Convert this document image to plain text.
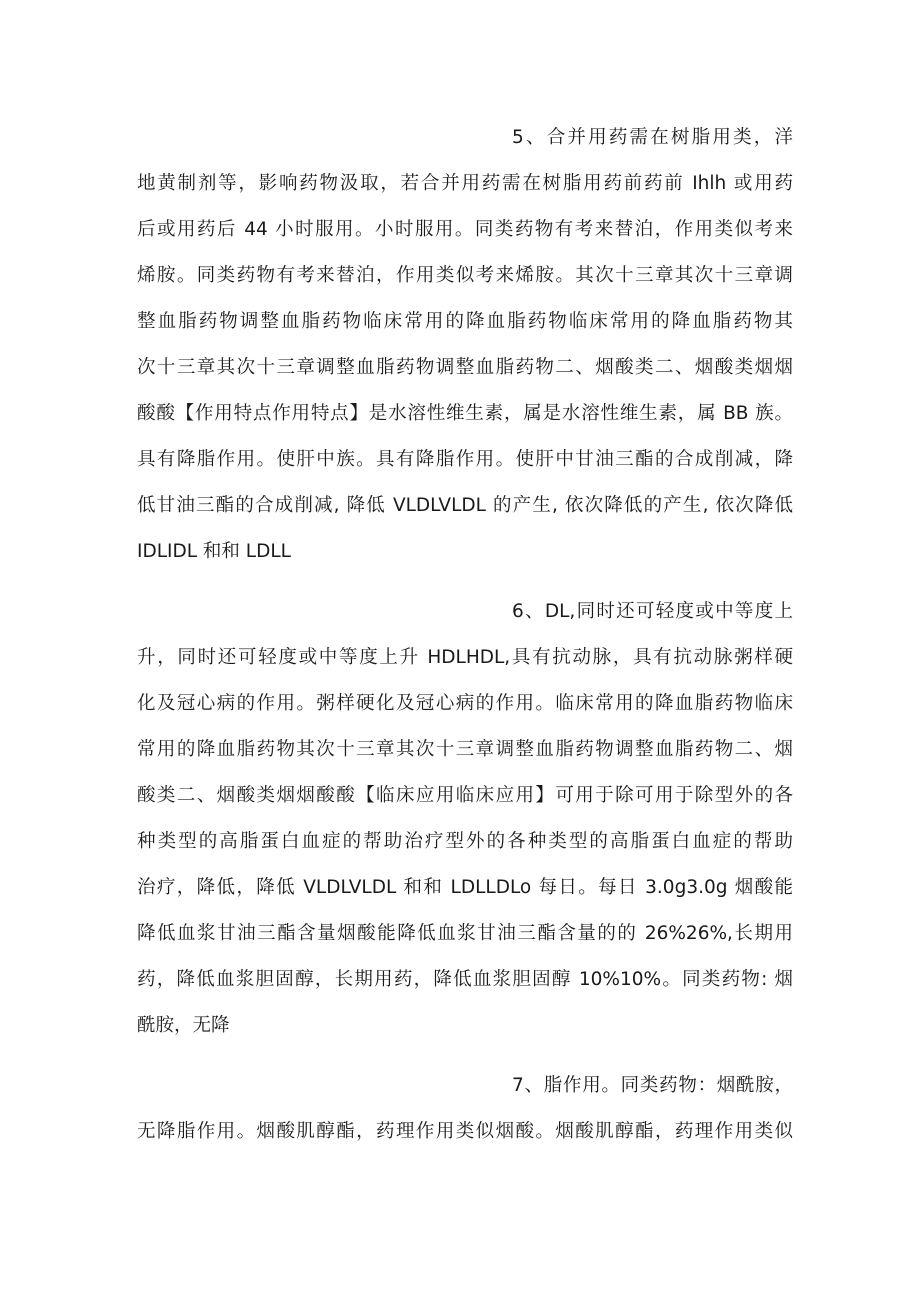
5、合并用药需在树脂用类，洋
地黄制剂等，影响药物汲取，若合并用药需在树脂用药前药前 Ihlh 或用药
后或用药后 44 小时服用。小时服用。同类药物有考来替泊，作用类似考来
烯胺。同类药物有考来替泊，作用类似考来烯胺。其次十三章其次十三章调
整血脂药物调整血脂药物临床常用的降血脂药物临床常用的降血脂药物其
次十三章其次十三章调整血脂药物调整血脂药物二、烟酸类二、烟酸类烟烟
酸酸【作用特点作用特点】是水溶性维生素，属是水溶性维生素，属 BB 族。
具有降脂作用。使肝中族。具有降脂作用。使肝中甘油三酯的合成削减，降
低甘油三酯的合成削减, 降低 VLDLVLDL 的产生, 依次降低的产生, 依次降低
IDLIDL 和和 LDLL
6、DL,同时还可轻度或中等度上
升，同时还可轻度或中等度上升 HDLHDL,具有抗动脉，具有抗动脉粥样硬
化及冠心病的作用。粥样硬化及冠心病的作用。临床常用的降血脂药物临床
常用的降血脂药物其次十三章其次十三章调整血脂药物调整血脂药物二、烟
酸类二、烟酸类烟烟酸酸【临床应用临床应用】可用于除可用于除型外的各
种类型的高脂蛋白血症的帮助治疗型外的各种类型的高脂蛋白血症的帮助
治疗，降低，降低 VLDLVLDL 和和 LDLLDLo 每日。每日 3.0g3.0g 烟酸能
降低血浆甘油三酯含量烟酸能降低血浆甘油三酯含量的的 26%26%,长期用
药，降低血浆胆固醇，长期用药，降低血浆胆固醇 10%10%。同类药物: 烟
酰胺，无降
7、脂作用。同类药物：烟酰胺，
无降脂作用。烟酸肌醇酯，药理作用类似烟酸。烟酸肌醇酯，药理作用类似
